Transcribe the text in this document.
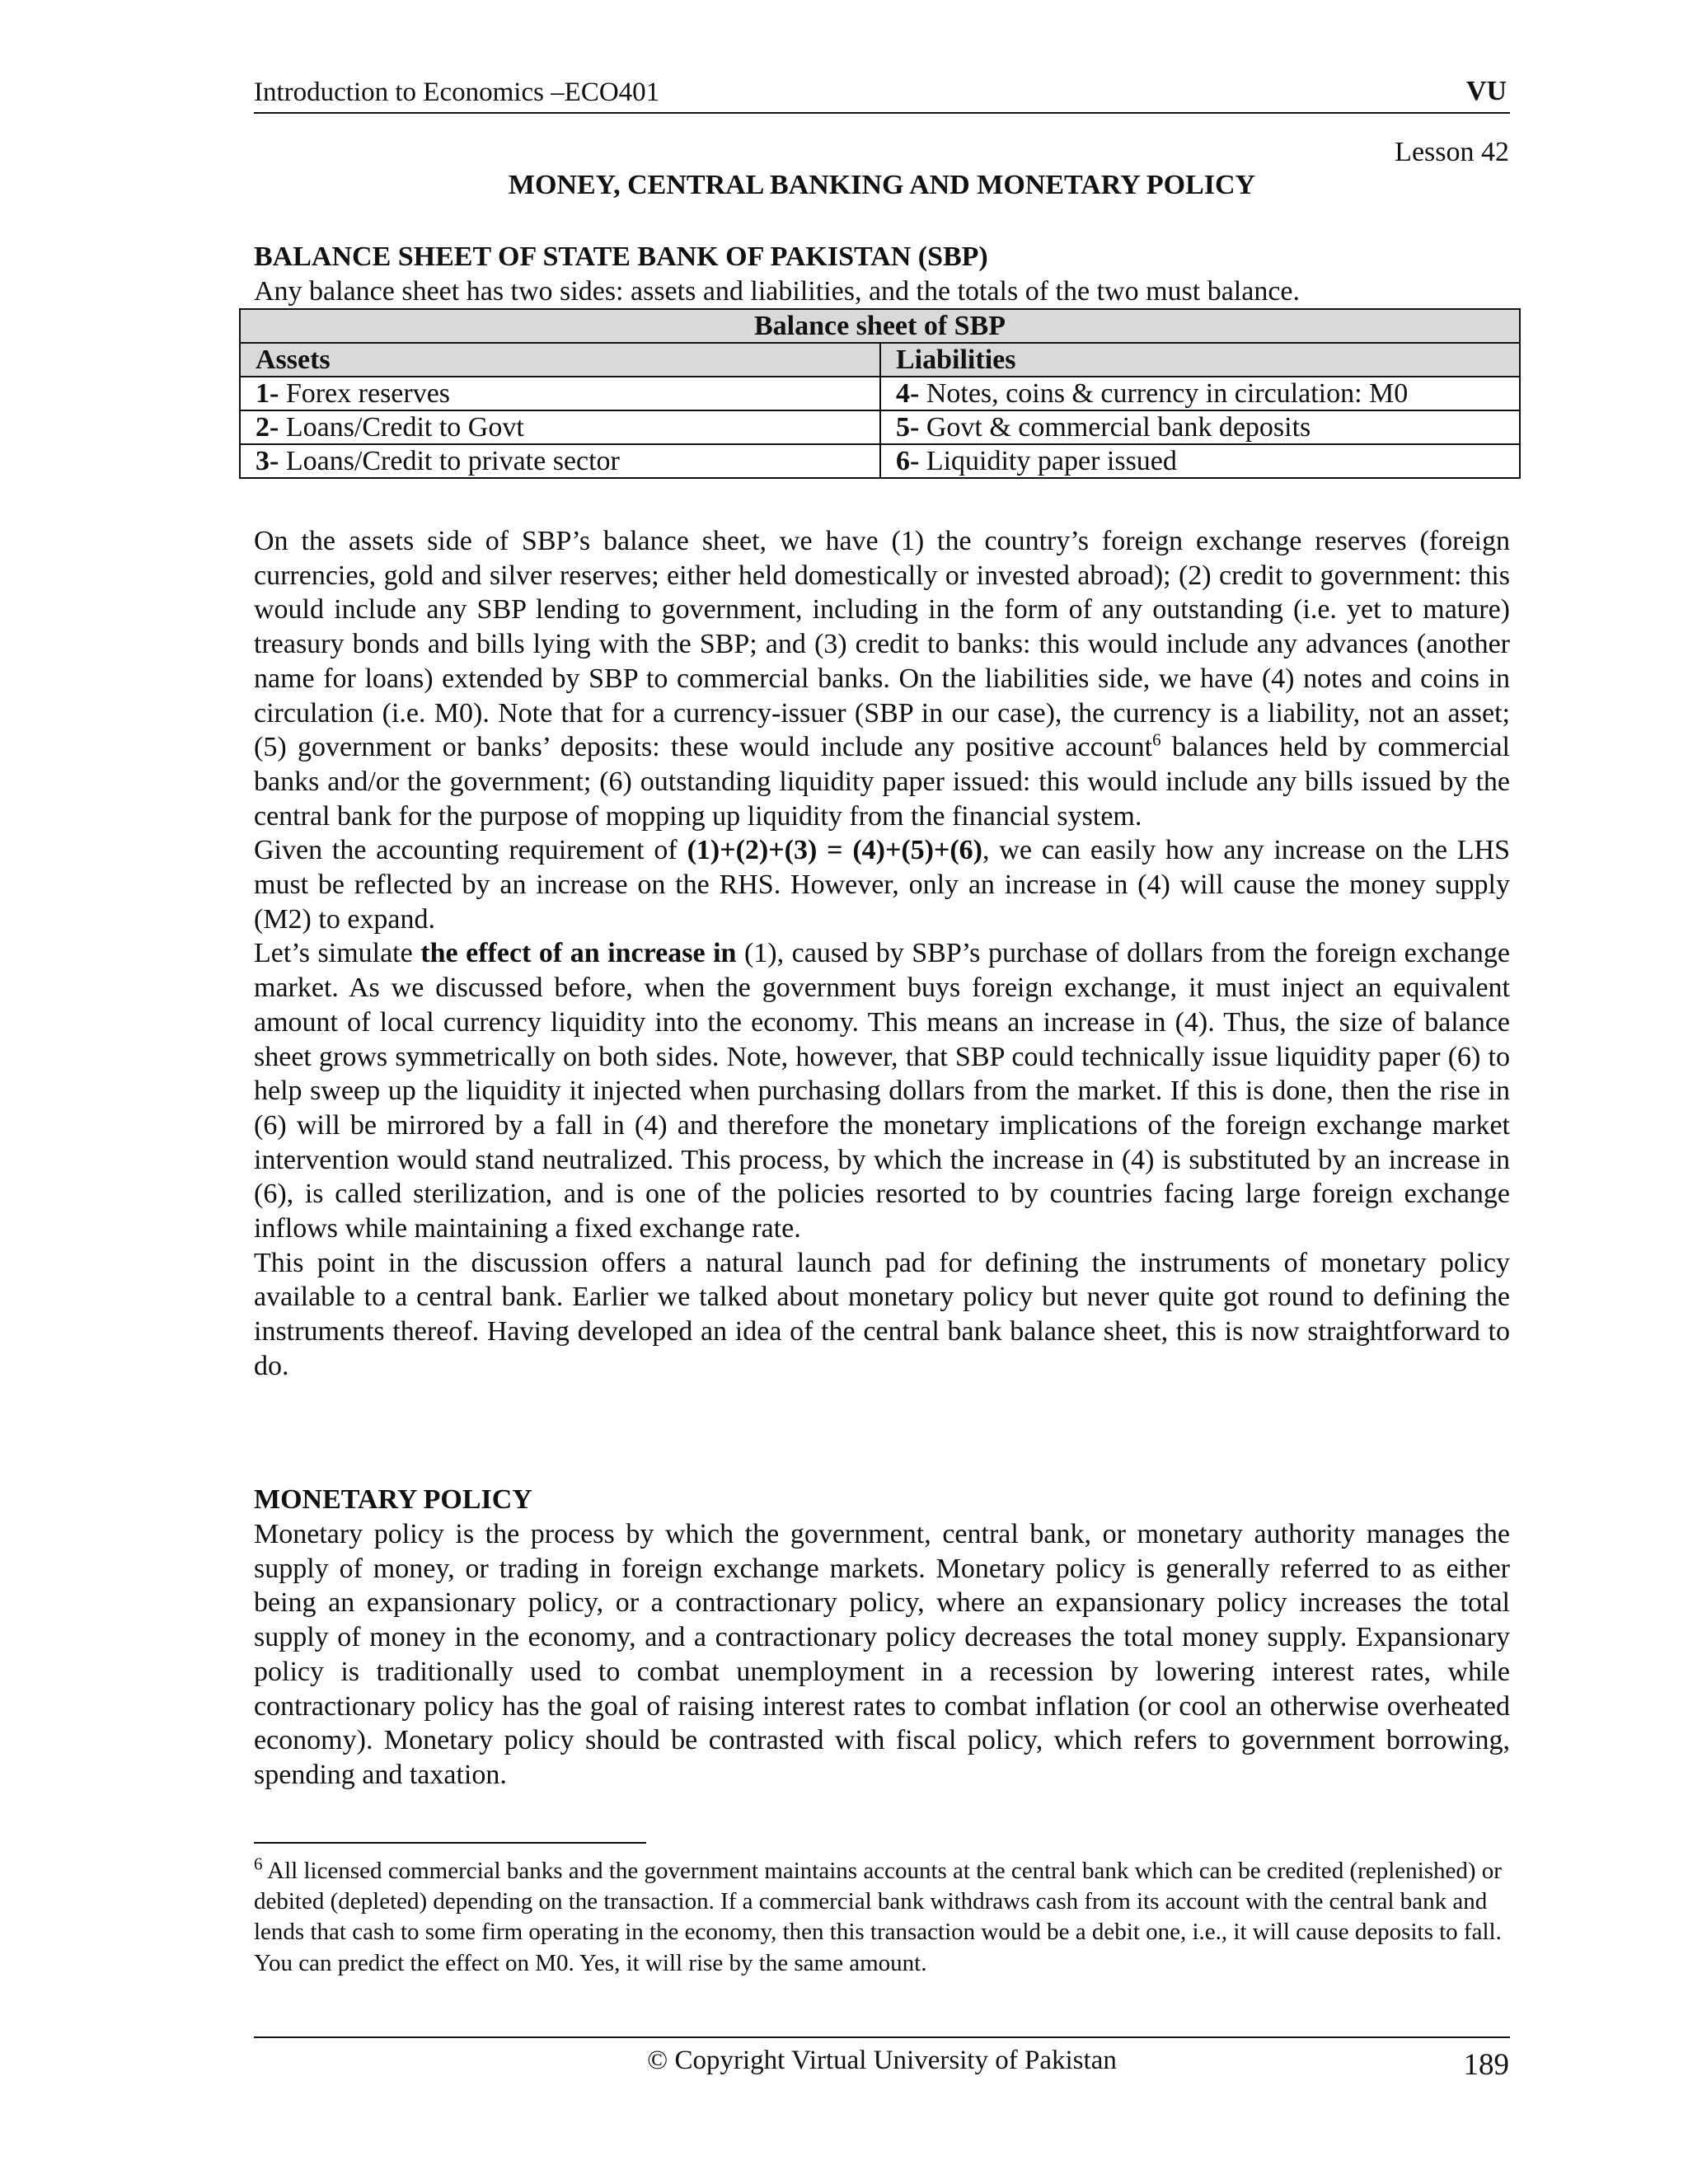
Introduction to Economics –ECO401	VU
Lesson 42
MONEY, CENTRAL BANKING AND MONETARY POLICY
BALANCE SHEET OF STATE BANK OF PAKISTAN (SBP)
Any balance sheet has two sides: assets and liabilities, and the totals of the two must balance.
Balance sheet of SBP	
Assets	Liabilities
1- Forex reserves	4- Notes, coins & currency in circulation: M0
2- Loans/Credit to Govt	5- Govt & commercial bank deposits
3- Loans/Credit to private sector	6- Liquidity paper issued

On the assets side of SBP’s balance sheet, we have (1) the country’s foreign exchange reserves (foreign currencies, gold and silver reserves; either held domestically or invested abroad); (2) credit to government: this would include any SBP lending to government, including in the form of any outstanding (i.e. yet to mature) treasury bonds and bills lying with the SBP; and (3) credit to banks: this would include any advances (another name for loans) extended by SBP to commercial banks. On the liabilities side, we have (4) notes and coins in circulation (i.e. M0). Note that for a currency-issuer (SBP in our case), the currency is a liability, not an asset; (5) government or banks’ deposits: these would include any positive account$^6$ balances held by commercial banks and/or the government; (6) outstanding liquidity paper issued: this would include any bills issued by the central bank for the purpose of mopping up liquidity from the financial system.

Given the accounting requirement of (1)+(2)+(3) = (4)+(5)+(6), we can easily how any increase on the LHS must be reflected by an increase on the RHS. However, only an increase in (4) will cause the money supply (M2) to expand.

Let’s simulate the effect of an increase in (1), caused by SBP’s purchase of dollars from the foreign exchange market. As we discussed before, when the government buys foreign exchange, it must inject an equivalent amount of local currency liquidity into the economy. This means an increase in (4). Thus, the size of balance sheet grows symmetrically on both sides. Note, however, that SBP could technically issue liquidity paper (6) to help sweep up the liquidity it injected when purchasing dollars from the market. If this is done, then the rise in (6) will be mirrored by a fall in (4) and therefore the monetary implications of the foreign exchange market intervention would stand neutralized. This process, by which the increase in (4) is substituted by an increase in (6), is called sterilization, and is one of the policies resorted to by countries facing large foreign exchange inflows while maintaining a fixed exchange rate.

This point in the discussion offers a natural launch pad for defining the instruments of monetary policy available to a central bank. Earlier we talked about monetary policy but never quite got round to defining the instruments thereof. Having developed an idea of the central bank balance sheet, this is now straightforward to do.

MONETARY POLICY
Monetary policy is the process by which the government, central bank, or monetary authority manages the supply of money, or trading in foreign exchange markets. Monetary policy is generally referred to as either being an expansionary policy, or a contractionary policy, where an expansionary policy increases the total supply of money in the economy, and a contractionary policy decreases the total money supply. Expansionary policy is traditionally used to combat unemployment in a recession by lowering interest rates, while contractionary policy has the goal of raising interest rates to combat inflation (or cool an otherwise overheated economy). Monetary policy should be contrasted with fiscal policy, which refers to government borrowing, spending and taxation.

$^6$ All licensed commercial banks and the government maintains accounts at the central bank which can be credited (replenished) or debited (depleted) depending on the transaction. If a commercial bank withdraws cash from its account with the central bank and lends that cash to some firm operating in the economy, then this transaction would be a debit one, i.e., it will cause deposits to fall. You can predict the effect on M0. Yes, it will rise by the same amount.

© Copyright Virtual University of Pakistan	189
